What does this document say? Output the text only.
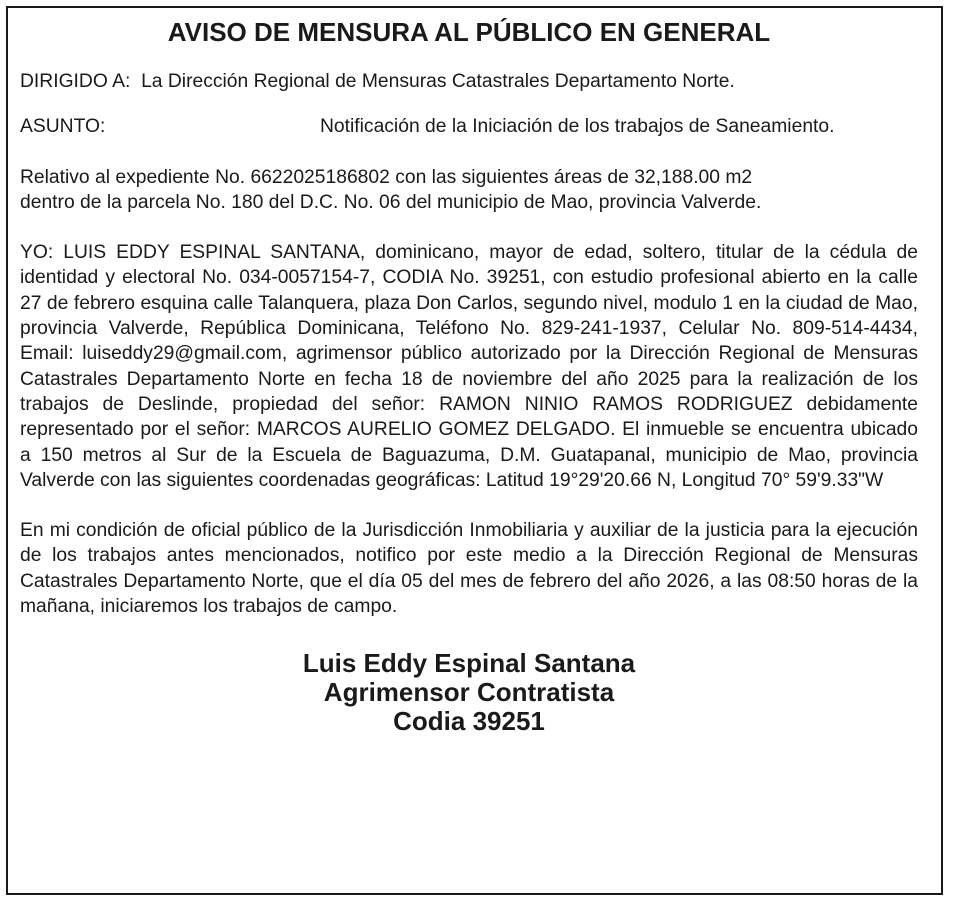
AVISO DE MENSURA AL PÚBLICO EN GENERAL

DIRIGIDO A: La Dirección Regional de Mensuras Catastrales Departamento Norte.

ASUNTO:	Notificación de la Iniciación de los trabajos de Saneamiento.

Relativo al expediente No. 6622025186802 con las siguientes áreas de 32,188.00 m2
dentro de la parcela No. 180 del D.C. No. 06 del municipio de Mao, provincia Valverde.

YO: LUIS EDDY ESPINAL SANTANA, dominicano, mayor de edad, soltero, titular de la cédula de identidad y electoral No. 034-0057154-7, CODIA No. 39251, con estudio profesional abierto en la calle 27 de febrero esquina calle Talanquera, plaza Don Carlos, segundo nivel, modulo 1 en la ciudad de Mao, provincia Valverde, República Dominicana, Teléfono No. 829-241-1937, Celular No. 809-514-4434, Email: luiseddy29@gmail.com, agrimensor público autorizado por la Dirección Regional de Mensuras Catastrales Departamento Norte en fecha 18 de noviembre del año 2025 para la realización de los trabajos de Deslinde, propiedad del señor: RAMON NINIO RAMOS RODRIGUEZ debidamente representado por el señor: MARCOS AURELIO GOMEZ DELGADO. El inmueble se encuentra ubicado a 150 metros al Sur de la Escuela de Baguazuma, D.M. Guatapanal, municipio de Mao, provincia Valverde con las siguientes coordenadas geográficas: Latitud 19°29'20.66 N, Longitud 70° 59'9.33"W

En mi condición de oficial público de la Jurisdicción Inmobiliaria y auxiliar de la justicia para la ejecución de los trabajos antes mencionados, notifico por este medio a la Dirección Regional de Mensuras Catastrales Departamento Norte, que el día 05 del mes de febrero del año 2026, a las 08:50 horas de la mañana, iniciaremos los trabajos de campo.

Luis Eddy Espinal Santana
Agrimensor Contratista
Codia 39251
